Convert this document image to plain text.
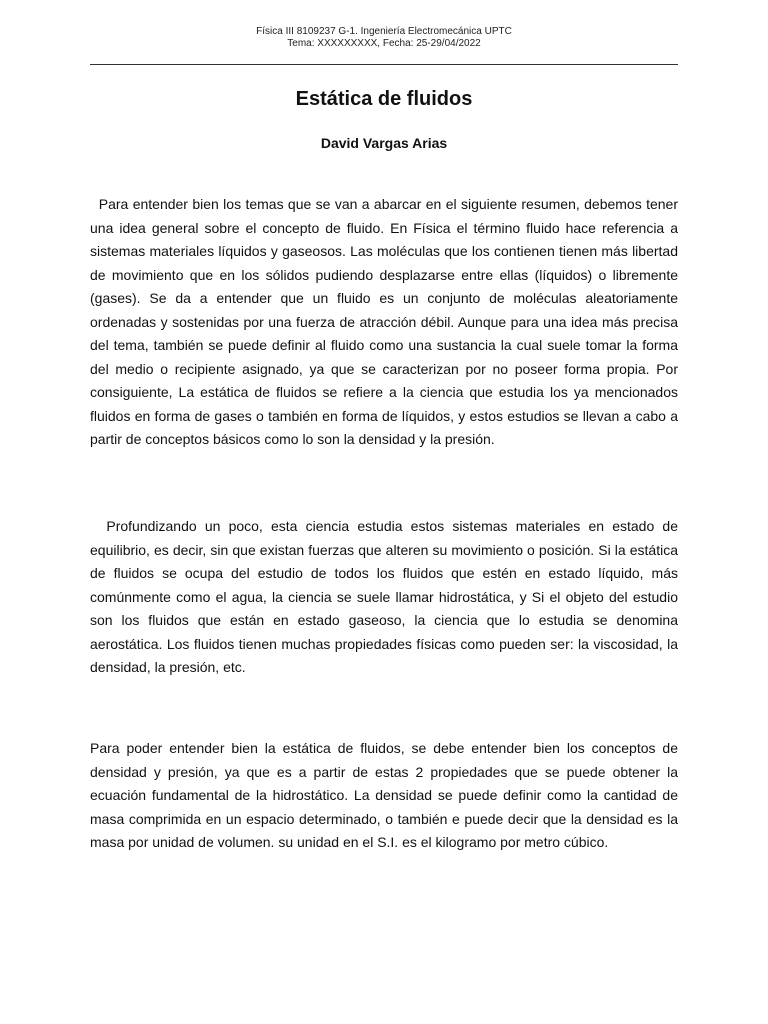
Física III 8109237 G-1. Ingeniería Electromecánica UPTC
Tema: XXXXXXXXX, Fecha: 25-29/04/2022
Estática de fluidos
David Vargas Arias

Para entender bien los temas que se van a abarcar en el siguiente resumen, debemos tener una idea general sobre el concepto de fluido. En Física el término fluido hace referencia a sistemas materiales líquidos y gaseosos. Las moléculas que los contienen tienen más libertad de movimiento que en los sólidos pudiendo desplazarse entre ellas (líquidos) o libremente (gases). Se da a entender que un fluido es un conjunto de moléculas aleatoriamente ordenadas y sostenidas por una fuerza de atracción débil. Aunque para una idea más precisa del tema, también se puede definir al fluido como una sustancia la cual suele tomar la forma del medio o recipiente asignado, ya que se caracterizan por no poseer forma propia. Por consiguiente, La estática de fluidos se refiere a la ciencia que estudia los ya mencionados fluidos en forma de gases o también en forma de líquidos, y estos estudios se llevan a cabo a partir de conceptos básicos como lo son la densidad y la presión.

Profundizando un poco, esta ciencia estudia estos sistemas materiales en estado de equilibrio, es decir, sin que existan fuerzas que alteren su movimiento o posición. Si la estática de fluidos se ocupa del estudio de todos los fluidos que estén en estado líquido, más comúnmente como el agua, la ciencia se suele llamar hidrostática, y Si el objeto del estudio son los fluidos que están en estado gaseoso, la ciencia que lo estudia se denomina aerostática. Los fluidos tienen muchas propiedades físicas como pueden ser: la viscosidad, la densidad, la presión, etc.

Para poder entender bien la estática de fluidos, se debe entender bien los conceptos de densidad y presión, ya que es a partir de estas 2 propiedades que se puede obtener la ecuación fundamental de la hidrostático. La densidad se puede definir como la cantidad de masa comprimida en un espacio determinado, o también e puede decir que la densidad es la masa por unidad de volumen. su unidad en el S.I. es el kilogramo por metro cúbico.
